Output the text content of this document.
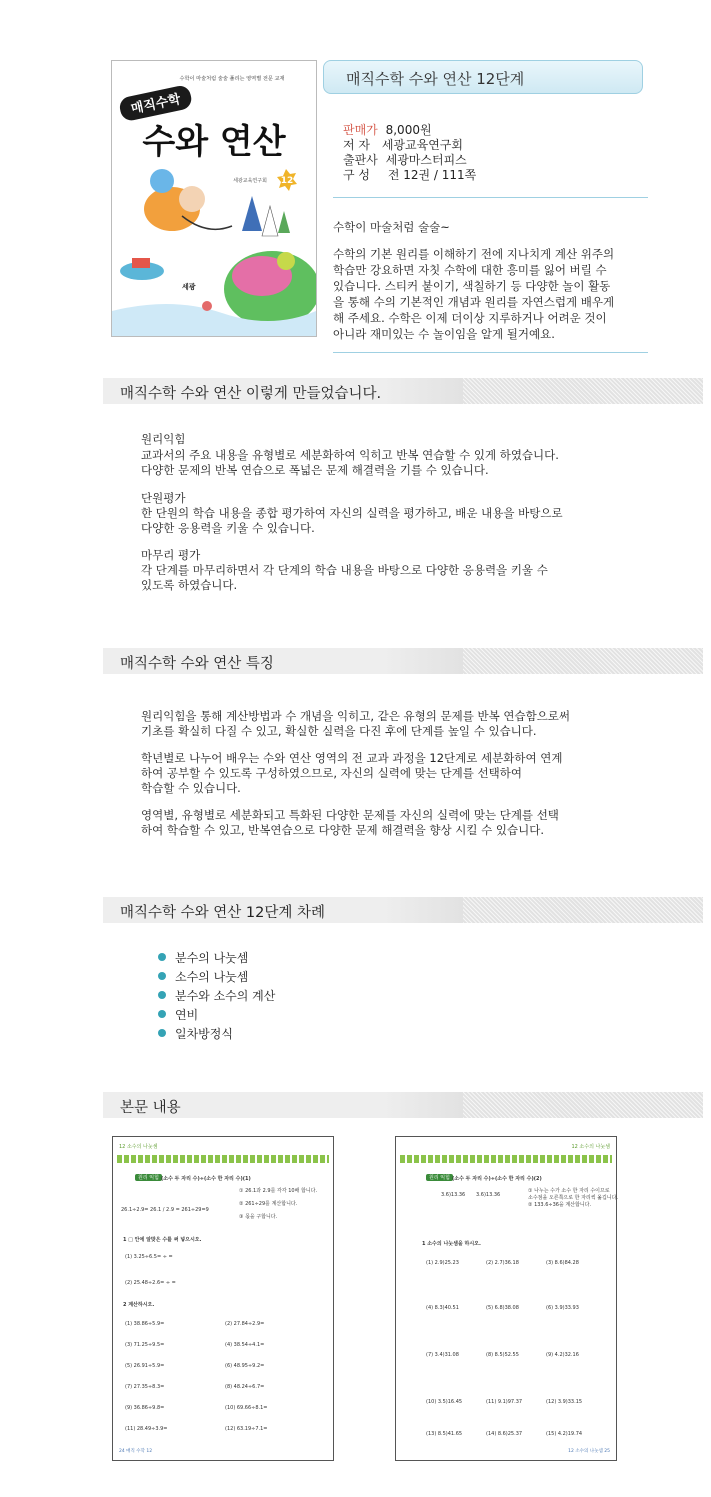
수학이 마술처럼 술술 풀리는 영역별 전문 교재
매직수학
수와 연산
세광교육연구회 12
세광
매직수학 수와 연산 12단계
판매가 8,000원
저 자 세광교육연구회
출판사 세광마스터피스
구 성 전 12권 / 111쪽
수학이 마술처럼 술술~
수학의 기본 원리를 이해하기 전에 지나치게 계산 위주의
학습만 강요하면 자칫 수학에 대한 흥미를 잃어 버릴 수
있습니다. 스티커 붙이기, 색칠하기 등 다양한 놀이 활동
을 통해 수의 기본적인 개념과 원리를 자연스럽게 배우게
해 주세요. 수학은 이제 더이상 지루하거나 어려운 것이
아니라 재미있는 수 놀이임을 알게 될거예요.
매직수학 수와 연산 이렇게 만들었습니다.
원리익힘
교과서의 주요 내용을 유형별로 세분화하여 익히고 반복 연습할 수 있게 하였습니다.
다양한 문제의 반복 연습으로 폭넓은 문제 해결력을 기를 수 있습니다.
단원평가
한 단원의 학습 내용을 종합 평가하여 자신의 실력을 평가하고, 배운 내용을 바탕으로
다양한 응용력을 키울 수 있습니다.
마무리 평가
각 단계를 마무리하면서 각 단계의 학습 내용을 바탕으로 다양한 응용력을 키울 수
있도록 하였습니다.
매직수학 수와 연산 특징
원리익힘을 통해 계산방법과 수 개념을 익히고, 같은 유형의 문제를 반복 연습함으로써
기초를 확실히 다질 수 있고, 확실한 실력을 다진 후에 단계를 높일 수 있습니다.
학년별로 나누어 배우는 수와 연산 영역의 전 교과 과정을 12단계로 세분화하여 연계
하여 공부할 수 있도록 구성하였으므로, 자신의 실력에 맞는 단계를 선택하여
학습할 수 있습니다.
영역별, 유형별로 세분화되고 특화된 다양한 문제를 자신의 실력에 맞는 단계를 선택
하여 학습할 수 있고, 반복연습으로 다양한 문제 해결력을 향상 시킬 수 있습니다.
매직수학 수와 연산 12단계 차례
분수의 나눗셈
소수의 나눗셈
분수와 소수의 계산
연비
일차방정식
본문 내용
12 소수의 나눗셈
원리 익힘 (소수 두 자리 수)÷(소수 한 자리 수)(1)
26.1÷2.9= 26.1 / 2.9 = 261÷29=9
① 26.1과 2.9를 각각 10배 합니다.
② 261÷29를 계산합니다.
③ 몫을 구합니다.
1 □ 안에 알맞은 수를 써 넣으시오.
(1) 3.25÷6.5= ÷ =
(2) 25.48÷2.6= ÷ =
2 계산하시오.
(1) 38.86÷5.9=	(2) 27.84÷2.9=
(3) 71.25÷9.5=	(4) 38.54÷4.1=
(5) 26.91÷5.9=	(6) 48.95÷9.2=
(7) 27.35÷8.3=	(8) 48.24÷6.7=
(9) 36.86÷9.8=	(10) 69.66÷8.1=
(11) 28.49÷3.9=	(12) 63.19÷7.1=
24 매직 수학 12
12 소수의 나눗셈
원리 익힘 (소수 두 자리 수)÷(소수 한 자리 수)(2)
3.6)13.36 3.6)13.36
① 나누는 수가 소수 한 자리 수이므로
소수점을 오른쪽으로 한 자리씩 옮깁니다.
② 133.6÷36을 계산합니다.
1 소수의 나눗셈을 하시오.
(1) 2.9)25.23	(2) 2.7)36.18	(3) 8.6)84.28
(4) 8.3)40.51	(5) 6.8)38.08	(6) 3.9)33.93
(7) 3.4)31.08	(8) 8.5)52.55	(9) 4.2)32.16
(10) 3.5)16.45	(11) 9.1)97.37	(12) 3.9)33.15
(13) 8.5)41.65	(14) 8.6)25.37	(15) 4.2)19.74
12 소수의 나눗셈 25
